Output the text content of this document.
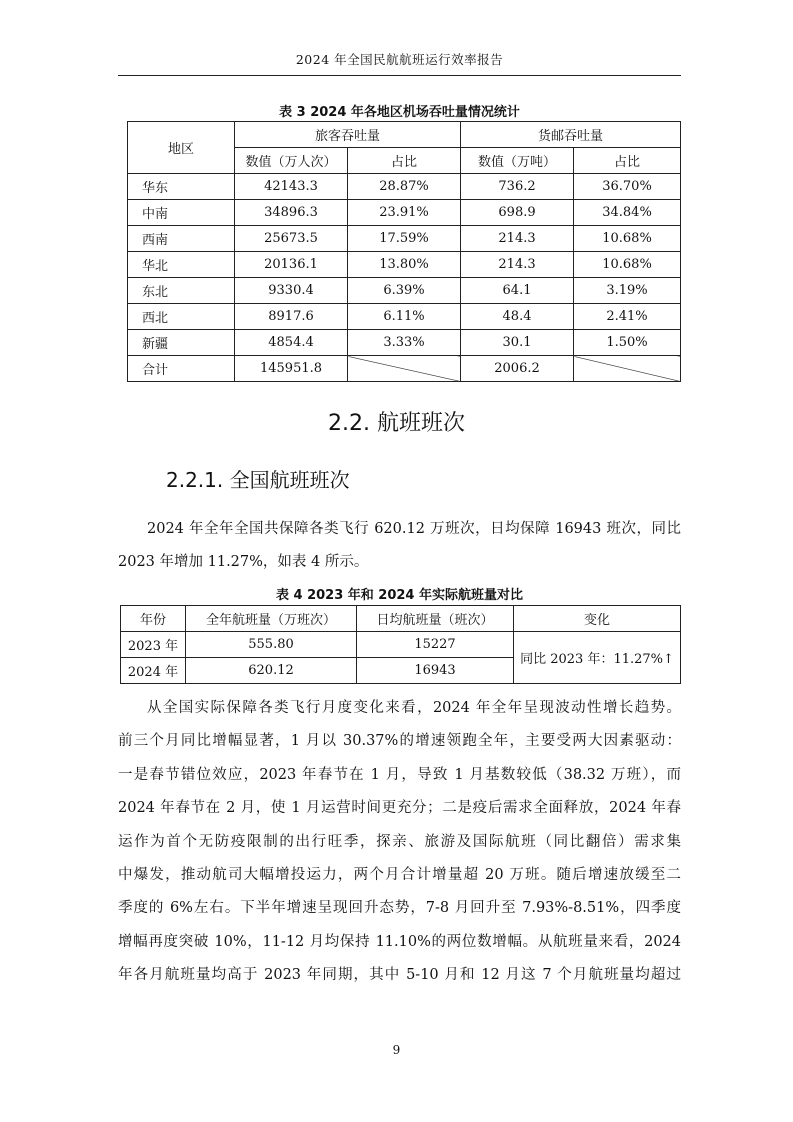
2024 年全国民航航班运行效率报告
表 3 2024 年各地区机场吞吐量情况统计
地区	旅客吞吐量		货邮吞吐量	
	数值（万人次）	占比	数值（万吨）	占比
华东	42143.3	28.87%	736.2	36.70%
中南	34896.3	23.91%	698.9	34.84%
西南	25673.5	17.59%	214.3	10.68%
华北	20136.1	13.80%	214.3	10.68%
东北	9330.4	6.39%	64.1	3.19%
西北	8917.6	6.11%	48.4	2.41%
新疆	4854.4	3.33%	30.1	1.50%
合计	145951.8		2006.2	
2.2. 航班班次
2.2.1. 全国航班班次

2024 年全年全国共保障各类飞行 620.12 万班次，日均保障 16943 班次，同比

2023 年增加 11.27%，如表 4 所示。

表 4 2023 年和 2024 年实际航班量对比
年份	全年航班量（万班次）	日均航班量（班次）	变化
2023 年	555.80	15227	同比 2023 年：11.27%↑
2024 年	620.12	16943	

从全国实际保障各类飞行月度变化来看，2024 年全年呈现波动性增长趋势。

前三个月同比增幅显著，1 月以 30.37%的增速领跑全年，主要受两大因素驱动：

一是春节错位效应，2023 年春节在 1 月，导致 1 月基数较低（38.32 万班），而

2024 年春节在 2 月，使 1 月运营时间更充分；二是疫后需求全面释放，2024 年春

运作为首个无防疫限制的出行旺季，探亲、旅游及国际航班（同比翻倍）需求集

中爆发，推动航司大幅增投运力，两个月合计增量超 20 万班。随后增速放缓至二

季度的 6%左右。下半年增速呈现回升态势，7-8 月回升至 7.93%-8.51%，四季度

增幅再度突破 10%，11-12 月均保持 11.10%的两位数增幅。从航班量来看，2024

年各月航班量均高于 2023 年同期，其中 5-10 月和 12 月这 7 个月航班量均超过

9
